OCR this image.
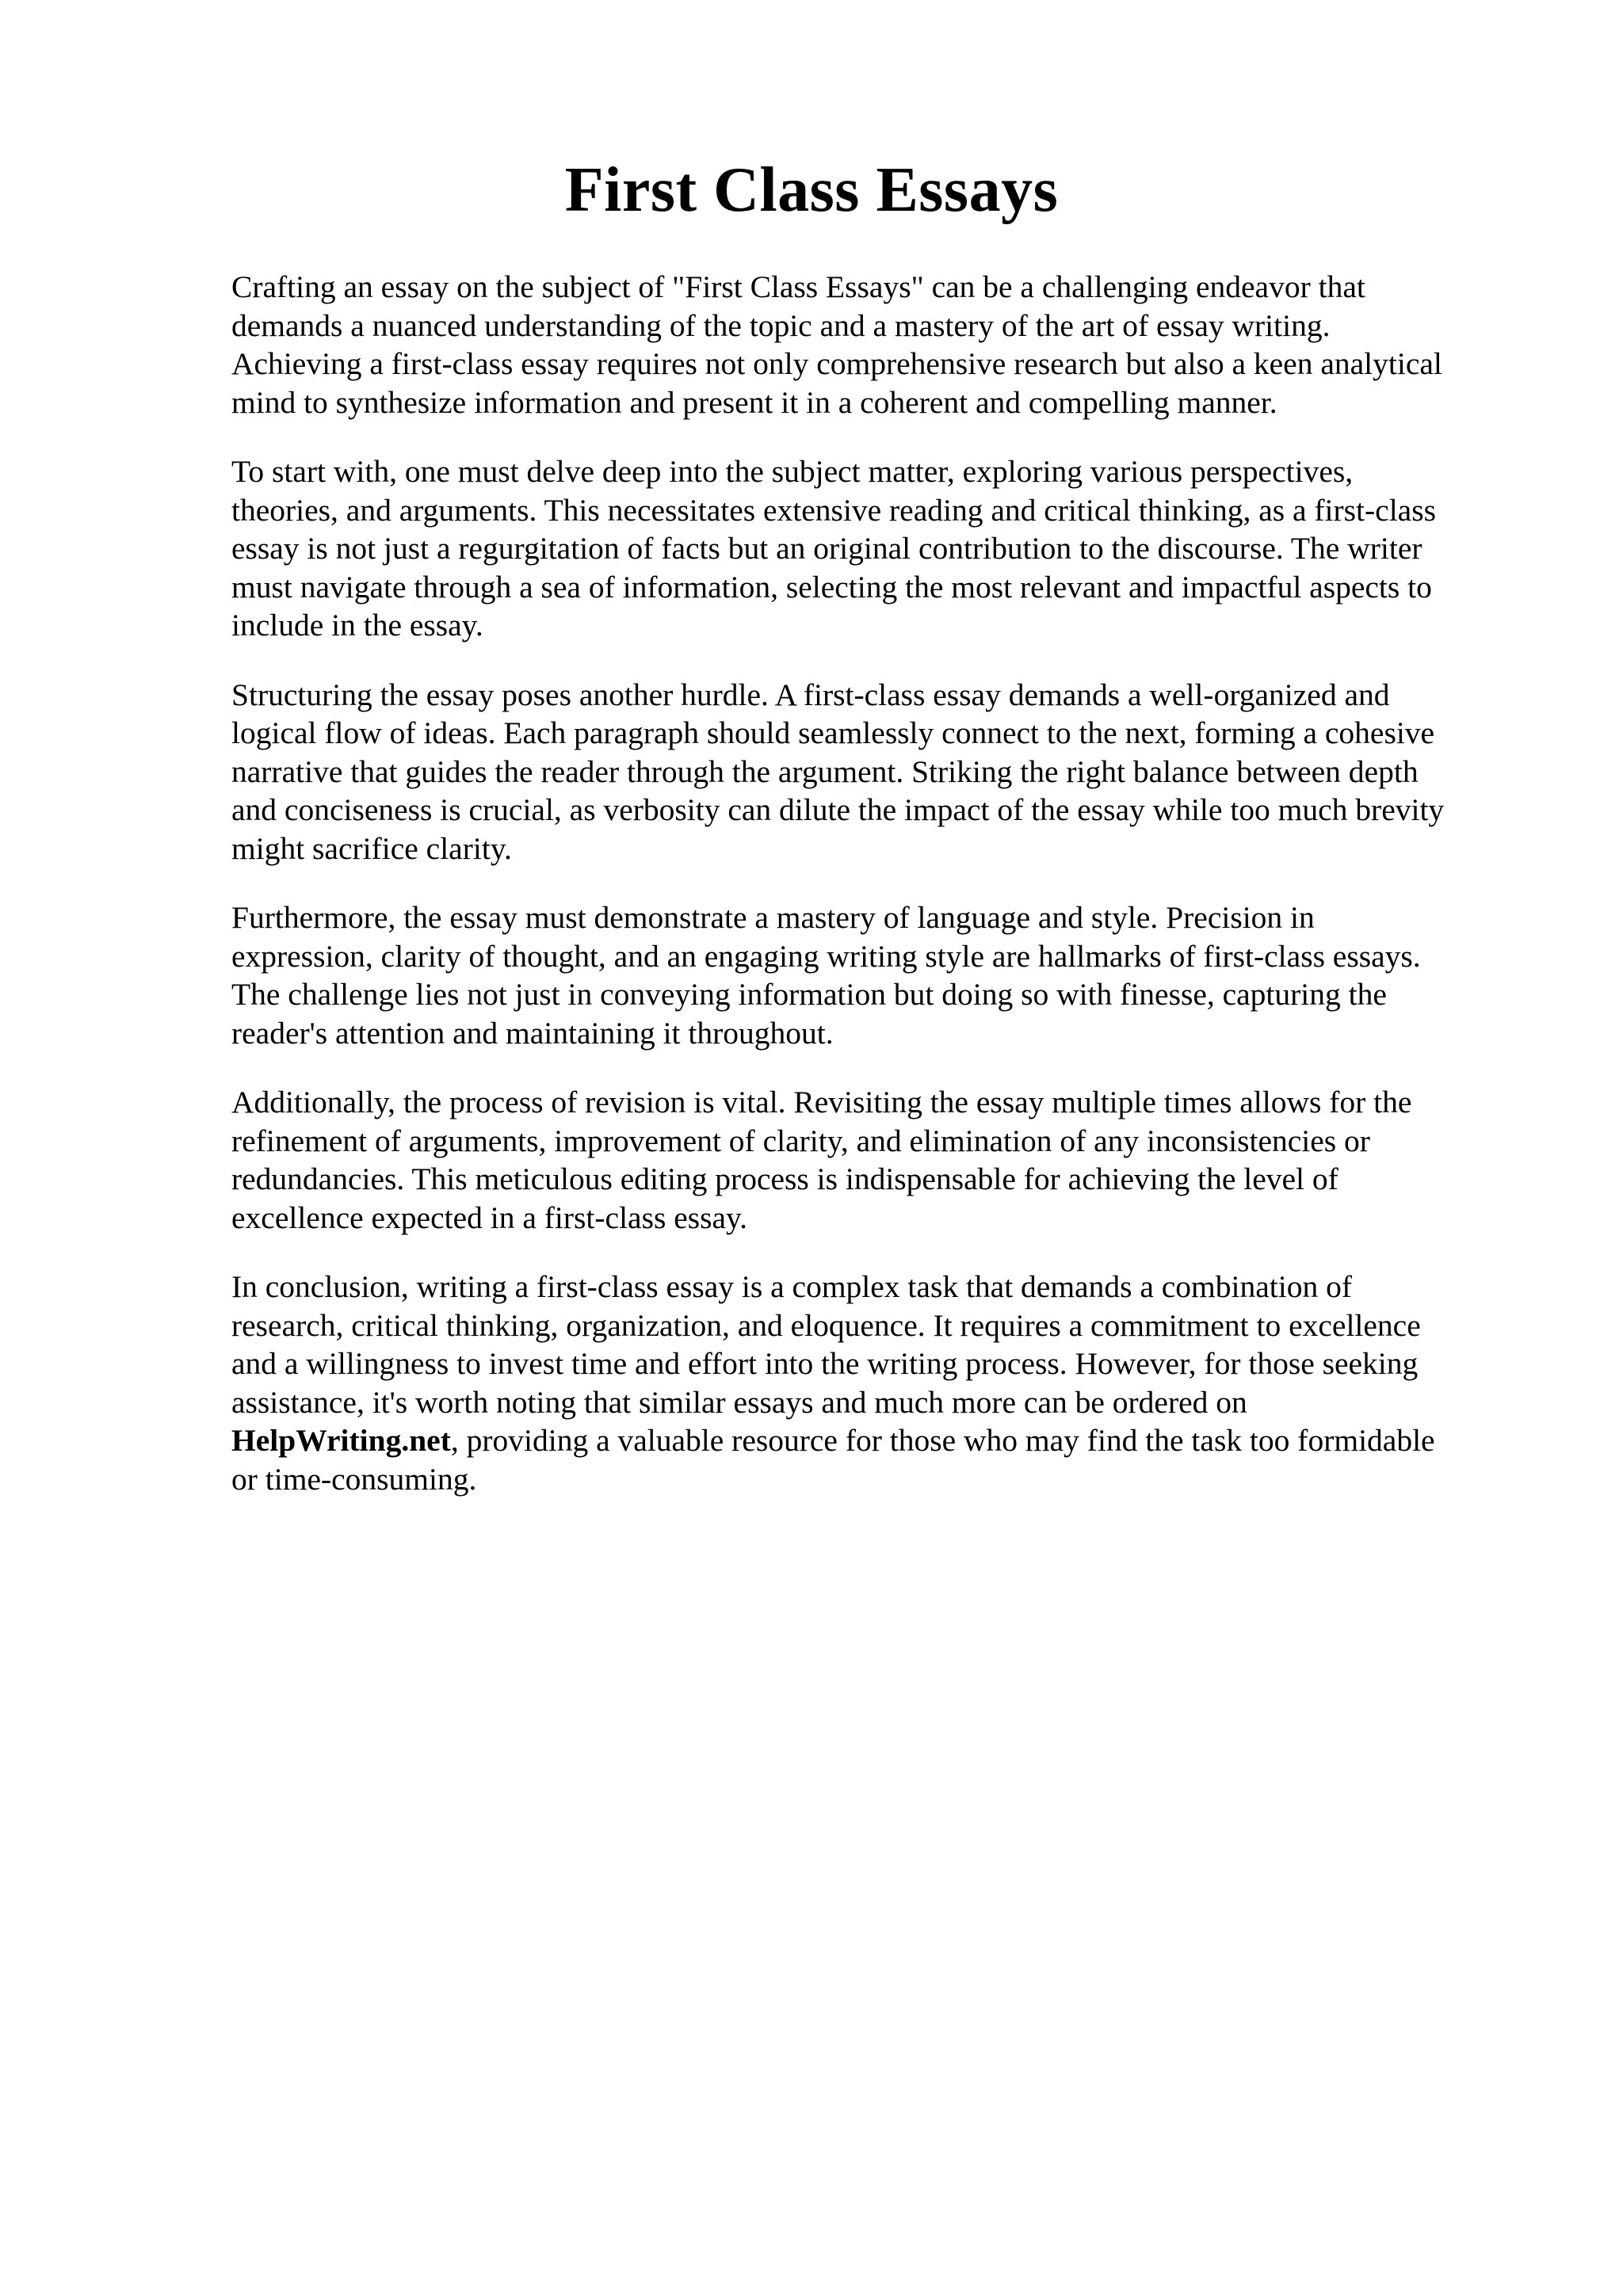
First Class Essays

Crafting an essay on the subject of "First Class Essays" can be a challenging endeavor that
demands a nuanced understanding of the topic and a mastery of the art of essay writing.
Achieving a first-class essay requires not only comprehensive research but also a keen analytical
mind to synthesize information and present it in a coherent and compelling manner.

To start with, one must delve deep into the subject matter, exploring various perspectives,
theories, and arguments. This necessitates extensive reading and critical thinking, as a first-class
essay is not just a regurgitation of facts but an original contribution to the discourse. The writer
must navigate through a sea of information, selecting the most relevant and impactful aspects to
include in the essay.

Structuring the essay poses another hurdle. A first-class essay demands a well-organized and
logical flow of ideas. Each paragraph should seamlessly connect to the next, forming a cohesive
narrative that guides the reader through the argument. Striking the right balance between depth
and conciseness is crucial, as verbosity can dilute the impact of the essay while too much brevity
might sacrifice clarity.

Furthermore, the essay must demonstrate a mastery of language and style. Precision in
expression, clarity of thought, and an engaging writing style are hallmarks of first-class essays.
The challenge lies not just in conveying information but doing so with finesse, capturing the
reader's attention and maintaining it throughout.

Additionally, the process of revision is vital. Revisiting the essay multiple times allows for the
refinement of arguments, improvement of clarity, and elimination of any inconsistencies or
redundancies. This meticulous editing process is indispensable for achieving the level of
excellence expected in a first-class essay.

In conclusion, writing a first-class essay is a complex task that demands a combination of
research, critical thinking, organization, and eloquence. It requires a commitment to excellence
and a willingness to invest time and effort into the writing process. However, for those seeking
assistance, it's worth noting that similar essays and much more can be ordered on
HelpWriting.net, providing a valuable resource for those who may find the task too formidable
or time-consuming.
